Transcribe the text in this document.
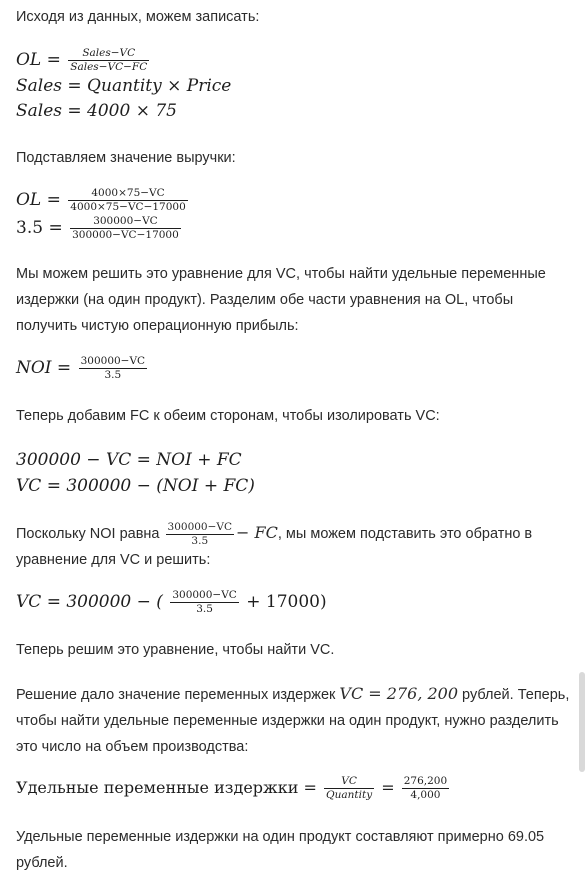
Исходя из данных, можем записать:

OL = $\frac{\text{Sales−VC}}{\text{Sales−VC−FC}}$
Sales = Quantity × Price
Sales = 4000 × 75

Подставляем значение выручки:

OL = $\frac{4000\times 75-VC}{4000\times 75-VC-17000}$
$3.5 = \frac{300000-VC}{300000-VC-17000}$

Мы можем решить это уравнение для VC, чтобы найти удельные переменные издержки (на один продукт). Разделим обе части уравнения на OL, чтобы получить чистую операционную прибыль:

NOI = $\frac{300000-VC}{3.5}$

Теперь добавим FC к обеим сторонам, чтобы изолировать VC:

300000 − VC = NOI + FC
VC = 300000 − (NOI + FC)
Поскольку NOI равна $\frac{300000-VC}{3.5}$ − FC, мы можем подставить это обратно в уравнение для VC и решить:
VC = 300000 − ( $\frac{300000-VC}{3.5} + 17000$)

Теперь решим это уравнение, чтобы найти VC.

Решение дало значение переменных издержек VC = 276, 200 рублей. Теперь, чтобы найти удельные переменные издержки на один продукт, нужно разделить это число на объем производства:
Удельные переменные издержки = $\frac{VC}{\text{Quantity}} = \frac{276,200}{4,000}$

Удельные переменные издержки на один продукт составляют примерно 69.05 рублей.
